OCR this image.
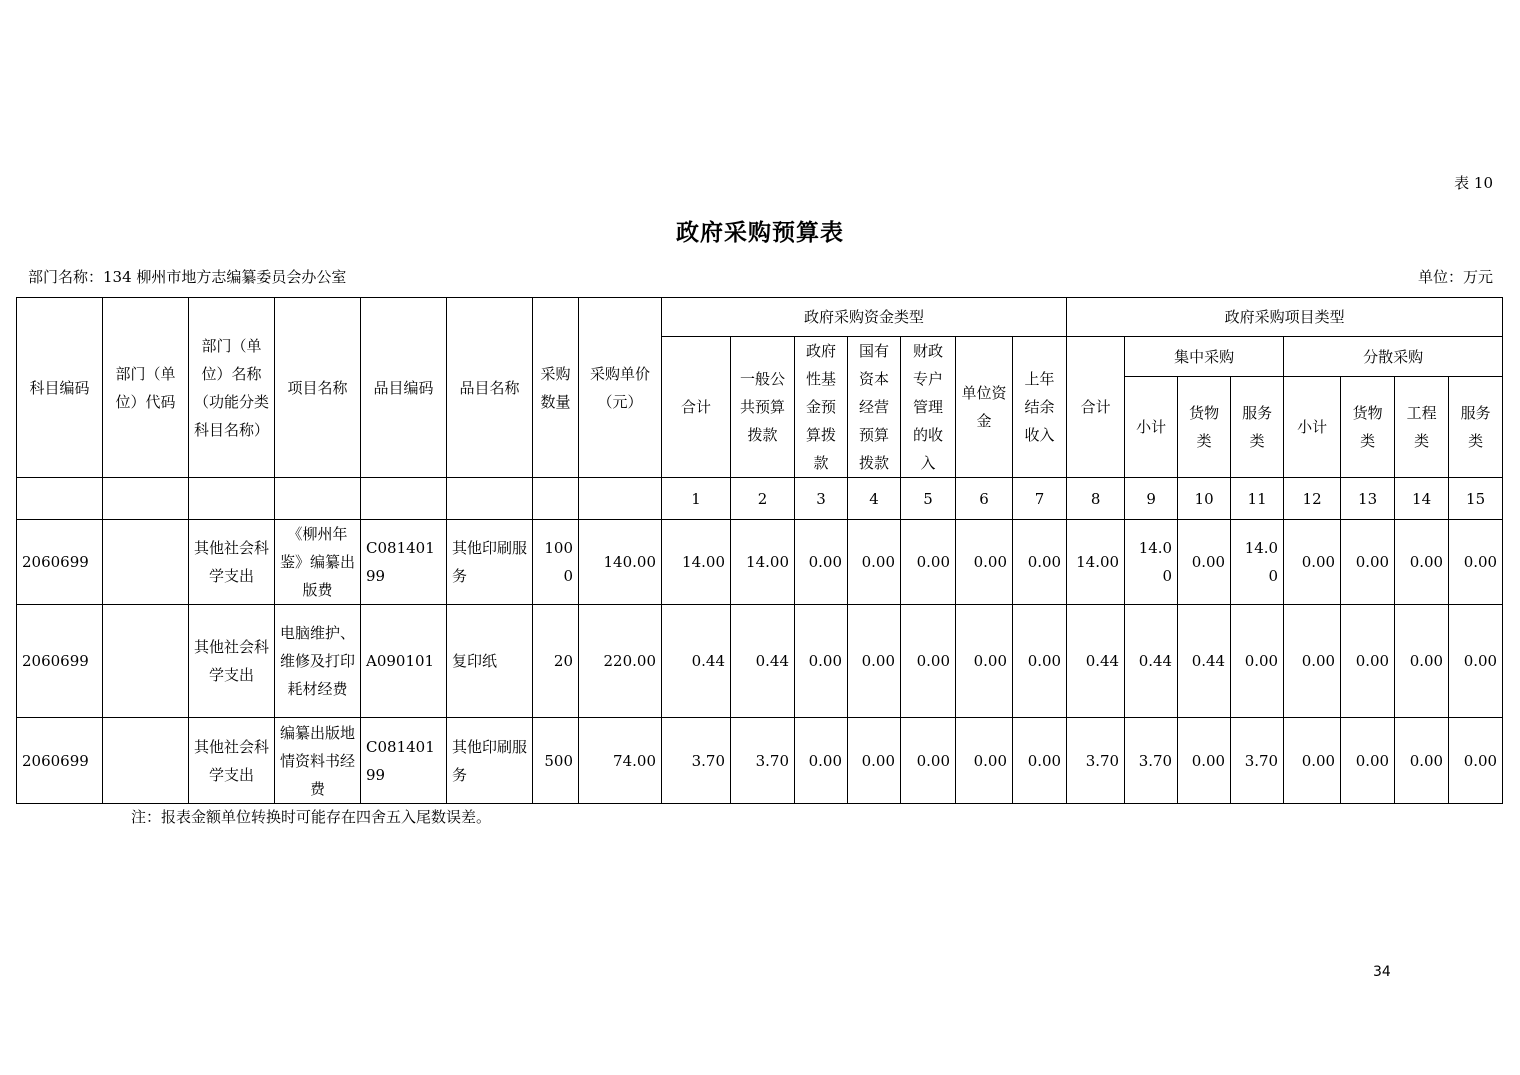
表 10
政府采购预算表
部门名称：134 柳州市地方志编纂委员会办公室	单位：万元
科目编码	部门（单位）代码	部门（单位）名称（功能分类科目名称）	项目名称	品目编码	品目名称	采购数量	采购单价（元）	政府采购资金类型							政府采购项目类型							
								合计	一般公共预算拨款	政府性基金预算拨款	国有资本经营预算拨款	财政专户管理的收入	单位资金	上年结余收入	合计	集中采购			分散采购			
																小计	货物类	服务类	小计	货物类	工程类	服务类
								1	2	3	4	5	6	7	8	9	10	11	12	13	14	15
2060699		其他社会科学支出	《柳州年鉴》编纂出版费	C08140199	其他印刷服务	1000	140.00	14.00	14.00	0.00	0.00	0.00	0.00	0.00	14.00	14.00	0.00	14.00	0.00	0.00	0.00	0.00
2060699		其他社会科学支出	电脑维护、维修及打印耗材经费	A090101	复印纸	20	220.00	0.44	0.44	0.00	0.00	0.00	0.00	0.00	0.44	0.44	0.44	0.00	0.00	0.00	0.00	0.00
2060699		其他社会科学支出	编纂出版地情资料书经费	C08140199	其他印刷服务	500	74.00	3.70	3.70	0.00	0.00	0.00	0.00	0.00	3.70	3.70	0.00	3.70	0.00	0.00	0.00	0.00
注：报表金额单位转换时可能存在四舍五入尾数误差。
34
